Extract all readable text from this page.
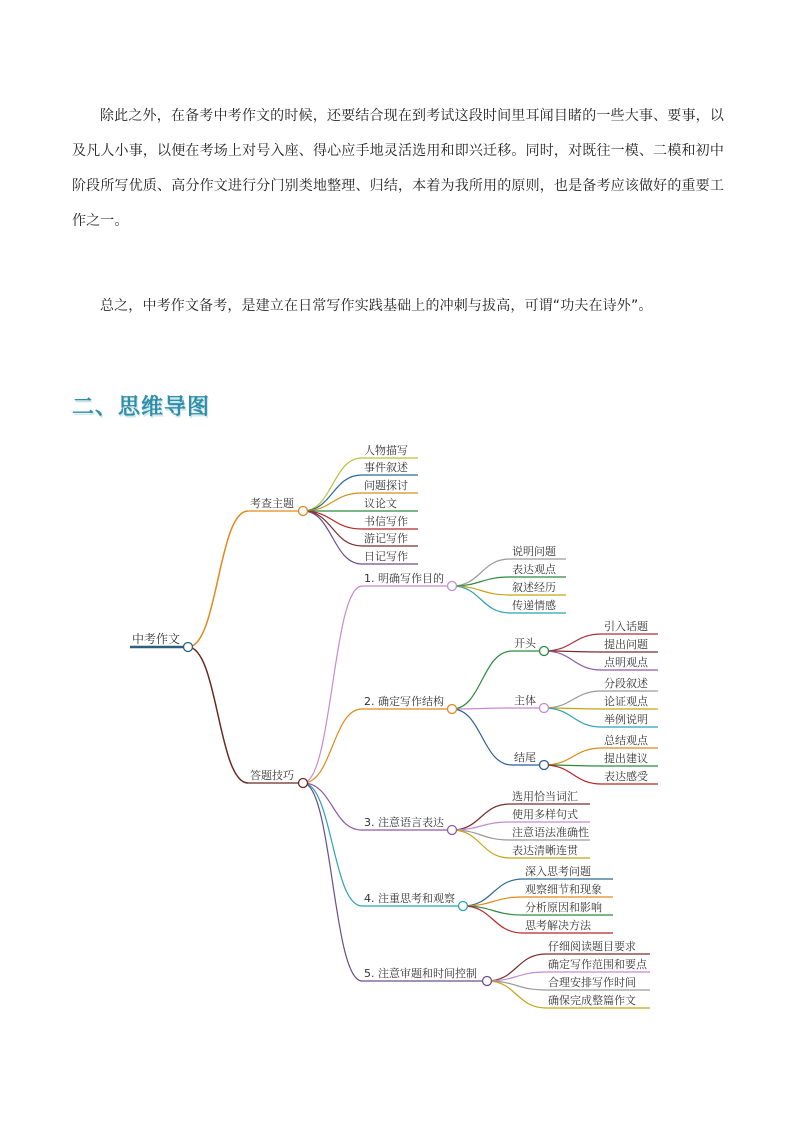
除此之外，在备考中考作文的时候，还要结合现在到考试这段时间里耳闻目睹的一些大事、要事，以及凡人小事，以便在考场上对号入座、得心应手地灵活选用和即兴迁移。同时，对既往一模、二模和初中阶段所写优质、高分作文进行分门别类地整理、归结，本着为我所用的原则，也是备考应该做好的重要工作之一。

总之，中考作文备考，是建立在日常写作实践基础上的冲刺与拔高，可谓“功夫在诗外”。

二、思维导图
中考作文
考查主题
人物描写
事件叙述
问题探讨
议论文
书信写作
游记写作
日记写作
答题技巧
1. 明确写作目的
说明问题
表达观点
叙述经历
传递情感
2. 确定写作结构
开头
引入话题
提出问题
点明观点
主体
分段叙述
论证观点
举例说明
结尾
总结观点
提出建议
表达感受
3. 注意语言表达
选用恰当词汇
使用多样句式
注意语法准确性
表达清晰连贯
4. 注重思考和观察
深入思考问题
观察细节和现象
分析原因和影响
思考解决方法
5. 注意审题和时间控制
仔细阅读题目要求
确定写作范围和要点
合理安排写作时间
确保完成整篇作文
